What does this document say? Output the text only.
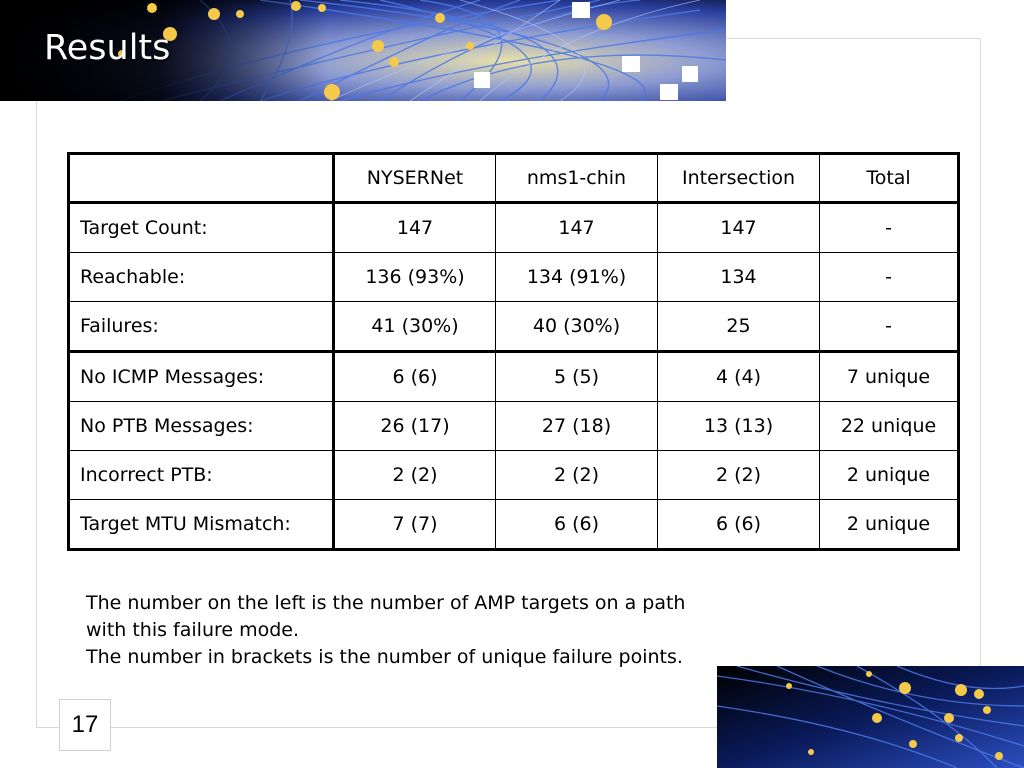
Results
	NYSERNet	nms1-chin	Intersection	Total
Target Count:	147	147	147	-
Reachable:	136 (93%)	134 (91%)	134	-
Failures:	41 (30%)	40 (30%)	25	-
No ICMP Messages:	6 (6)	5 (5)	4 (4)	7 unique
No PTB Messages:	26 (17)	27 (18)	13 (13)	22 unique
Incorrect PTB:	2 (2)	2 (2)	2 (2)	2 unique
Target MTU Mismatch:	7 (7)	6 (6)	6 (6)	2 unique
The number on the left is the number of AMP targets on a path
with this failure mode.
The number in brackets is the number of unique failure points.
17
